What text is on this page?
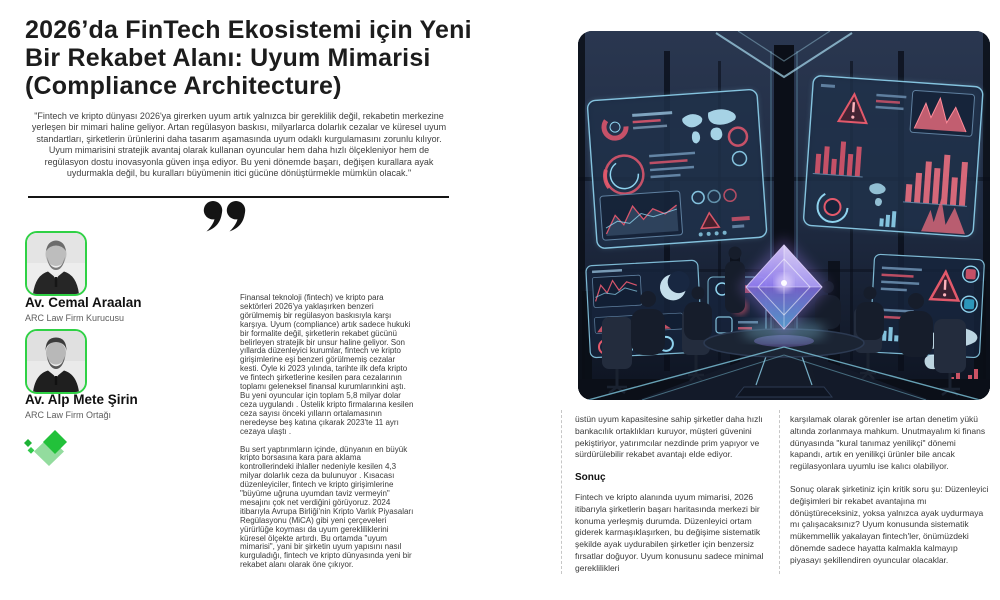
2026’da FinTech Ekosistemi için Yeni
Bir Rekabet Alanı: Uyum Mimarisi
(Compliance Architecture)
"Fintech ve kripto dünyası 2026'ya girerken uyum artık yalnızca bir gereklilik değil, rekabetin merkezine yerleşen bir mimari haline geliyor. Artan regülasyon baskısı, milyarlarca dolarlık cezalar ve küresel uyum standartları, şirketlerin ürünlerini daha tasarım aşamasında uyum odaklı kurgulamasını zorunlu kılıyor. Uyum mimarisini stratejik avantaj olarak kullanan oyuncular hem daha hızlı ölçekleniyor hem de regülasyon dostu inovasyonla güven inşa ediyor. Bu yeni dönemde başarı, değişen kurallara ayak uydurmakla değil, bu kuralları büyümenin itici gücüne dönüştürmekle mümkün olacak."
Av. Cemal Araalan
ARC Law Firm Kurucusu
Av. Alp Mete Şirin
ARC Law Firm Ortağı

Finansal teknoloji (fintech) ve kripto para sektörleri 2026'ya yaklaşırken benzeri görülmemiş bir regülasyon baskısıyla karşı karşıya. Uyum (compliance) artık sadece hukuki bir formalite değil, şirketlerin rekabet gücünü belirleyen stratejik bir unsur haline geliyor. Son yıllarda düzenleyici kurumlar, fintech ve kripto girişimlerine eşi benzeri görülmemiş cezalar kesti. Öyle ki 2023 yılında, tarihte ilk defa kripto ve fintech şirketlerine kesilen para cezalarının toplamı geleneksel finansal kurumlarınkini aştı. Bu yeni oyuncular için toplam 5,8 milyar dolar ceza uygulandı . Üstelik kripto firmalarına kesilen ceza sayısı önceki yılların ortalamasının neredeyse beş katına çıkarak 2023'te 11 ayrı cezaya ulaştı .

Bu sert yaptırımların içinde, dünyanın en büyük kripto borsasına kara para aklama kontrollerindeki ihlaller nedeniyle kesilen 4,3 milyar dolarlık ceza da bulunuyor . Kısacası düzenleyiciler, fintech ve kripto girişimlerine "büyüme uğruna uyumdan taviz vermeyin" mesajını çok net verdiğini görüyoruz. 2024 itibarıyla Avrupa Birliği'nin Kripto Varlık Piyasaları Regülasyonu (MiCA) gibi yeni çerçeveleri yürürlüğe koyması da uyum gerekliliklerini küresel ölçekte artırdı. Bu ortamda "uyum mimarisi", yani bir şirketin uyum yapısını nasıl kurguladığı, fintech ve kripto dünyasında yeni bir rekabet alanı olarak öne çıkıyor.

üstün uyum kapasitesine sahip şirketler daha hızlı bankacılık ortaklıkları kuruyor, müşteri güvenini pekiştiriyor, yatırımcılar nezdinde prim yapıyor ve sürdürülebilir rekabet avantajı elde ediyor.

Sonuç

Fintech ve kripto alanında uyum mimarisi, 2026 itibarıyla şirketlerin başarı haritasında merkezi bir konuma yerleşmiş durumda. Düzenleyici ortam giderek karmaşıklaşırken, bu değişime sistematik şekilde ayak uydurabilen şirketler için benzersiz fırsatlar doğuyor. Uyum konusunu sadece minimal gereklilikleri

karşılamak olarak görenler ise artan denetim yükü altında zorlanmaya mahkum. Unutmayalım ki finans dünyasında "kural tanımaz yenilikçi" dönemi kapandı, artık en yenilikçi ürünler bile ancak regülasyonlara uyumlu ise kalıcı olabiliyor.

Sonuç olarak şirketiniz için kritik soru şu: Düzenleyici değişimleri bir rekabet avantajına mı dönüştüreceksiniz, yoksa yalnızca ayak uydurmaya mı çalışacaksınız? Uyum konusunda sistematik mükemmellik yakalayan fintech'ler, önümüzdeki dönemde sadece hayatta kalmakla kalmayıp piyasayı şekillendiren oyuncular olacaklar.
